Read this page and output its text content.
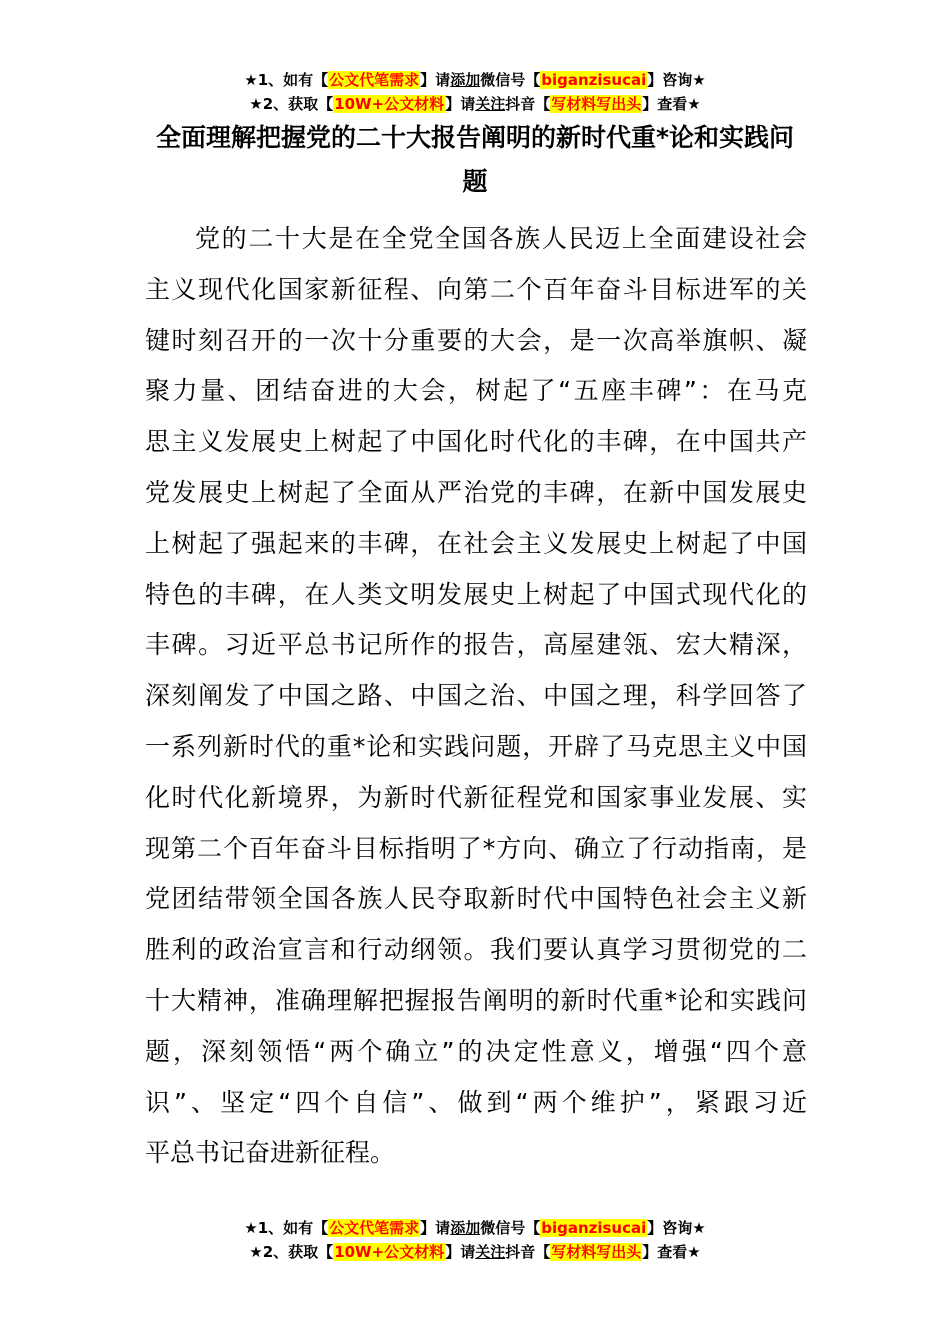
★1、如有【公文代笔需求】请添加微信号【biganzisucai】咨询★
★2、获取【10W+公文材料】请关注抖音【写材料写出头】查看★
全面理解把握党的二十大报告阐明的新时代重*论和实践问
题
党的二十大是在全党全国各族人民迈上全面建设社会
主义现代化国家新征程、向第二个百年奋斗目标进军的关
键时刻召开的一次十分重要的大会，是一次高举旗帜、凝
聚力量、团结奋进的大会，树起了“五座丰碑”：在马克
思主义发展史上树起了中国化时代化的丰碑，在中国共产
党发展史上树起了全面从严治党的丰碑，在新中国发展史
上树起了强起来的丰碑，在社会主义发展史上树起了中国
特色的丰碑，在人类文明发展史上树起了中国式现代化的
丰碑。习近平总书记所作的报告，高屋建瓴、宏大精深，
深刻阐发了中国之路、中国之治、中国之理，科学回答了
一系列新时代的重*论和实践问题，开辟了马克思主义中国
化时代化新境界，为新时代新征程党和国家事业发展、实
现第二个百年奋斗目标指明了*方向、确立了行动指南，是
党团结带领全国各族人民夺取新时代中国特色社会主义新
胜利的政治宣言和行动纲领。我们要认真学习贯彻党的二
十大精神，准确理解把握报告阐明的新时代重*论和实践问
题，深刻领悟“两个确立”的决定性意义，增强“四个意
识”、坚定“四个自信”、做到“两个维护”，紧跟习近
平总书记奋进新征程。
★1、如有【公文代笔需求】请添加微信号【biganzisucai】咨询★
★2、获取【10W+公文材料】请关注抖音【写材料写出头】查看★
